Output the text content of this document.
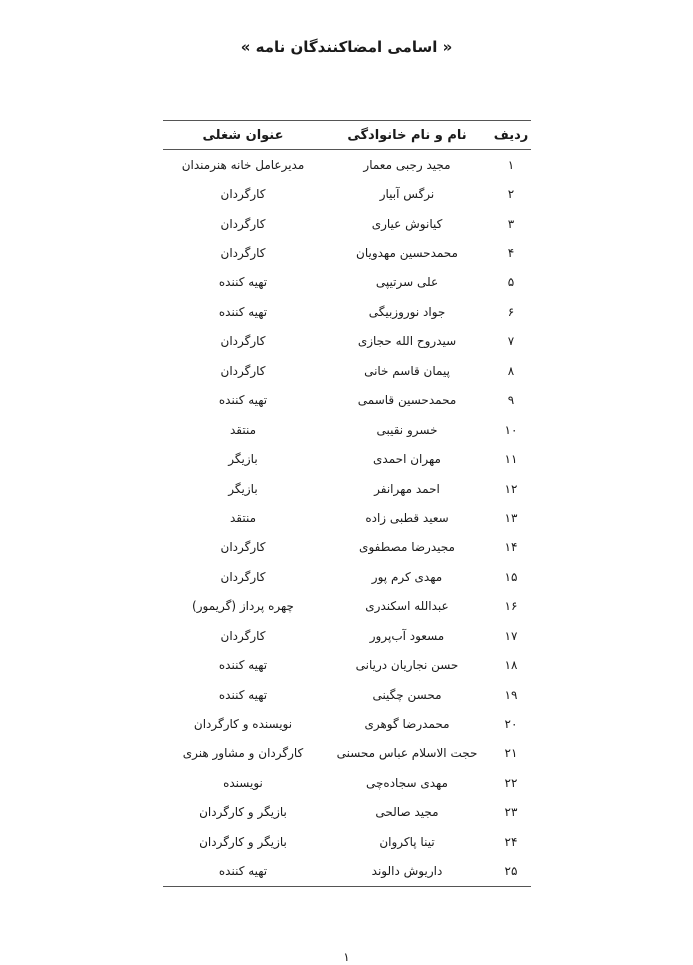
« اسامی امضاکنندگان نامه »
ردیف	نام و نام خانوادگی	عنوان شغلی
۱	مجید رجبی معمار	مدیرعامل خانه هنرمندان
۲	نرگس آبیار	کارگردان
۳	کیانوش عیاری	کارگردان
۴	محمدحسین مهدویان	کارگردان
۵	علی سرتیپی	تهیه کننده
۶	جواد نوروزبیگی	تهیه کننده
۷	سیدروح الله حجازی	کارگردان
۸	پیمان قاسم خانی	کارگردان
۹	محمدحسین قاسمی	تهیه کننده
۱۰	خسرو نقیبی	منتقد
۱۱	مهران احمدی	بازیگر
۱۲	احمد مهرانفر	بازیگر
۱۳	سعید قطبی زاده	منتقد
۱۴	مجیدرضا مصطفوی	کارگردان
۱۵	مهدی کرم پور	کارگردان
۱۶	عبدالله اسکندری	چهره پرداز (گریمور)
۱۷	مسعود آب‌پرور	کارگردان
۱۸	حسن نجاریان دریانی	تهیه کننده
۱۹	محسن چگینی	تهیه کننده
۲۰	محمدرضا گوهری	نویسنده و کارگردان
۲۱	حجت الاسلام عباس محسنی	کارگردان و مشاور هنری
۲۲	مهدی سجاده‌چی	نویسنده
۲۳	مجید صالحی	بازیگر و کارگردان
۲۴	تینا پاکروان	بازیگر و کارگردان
۲۵	داریوش دالوند	تهیه کننده
۱
